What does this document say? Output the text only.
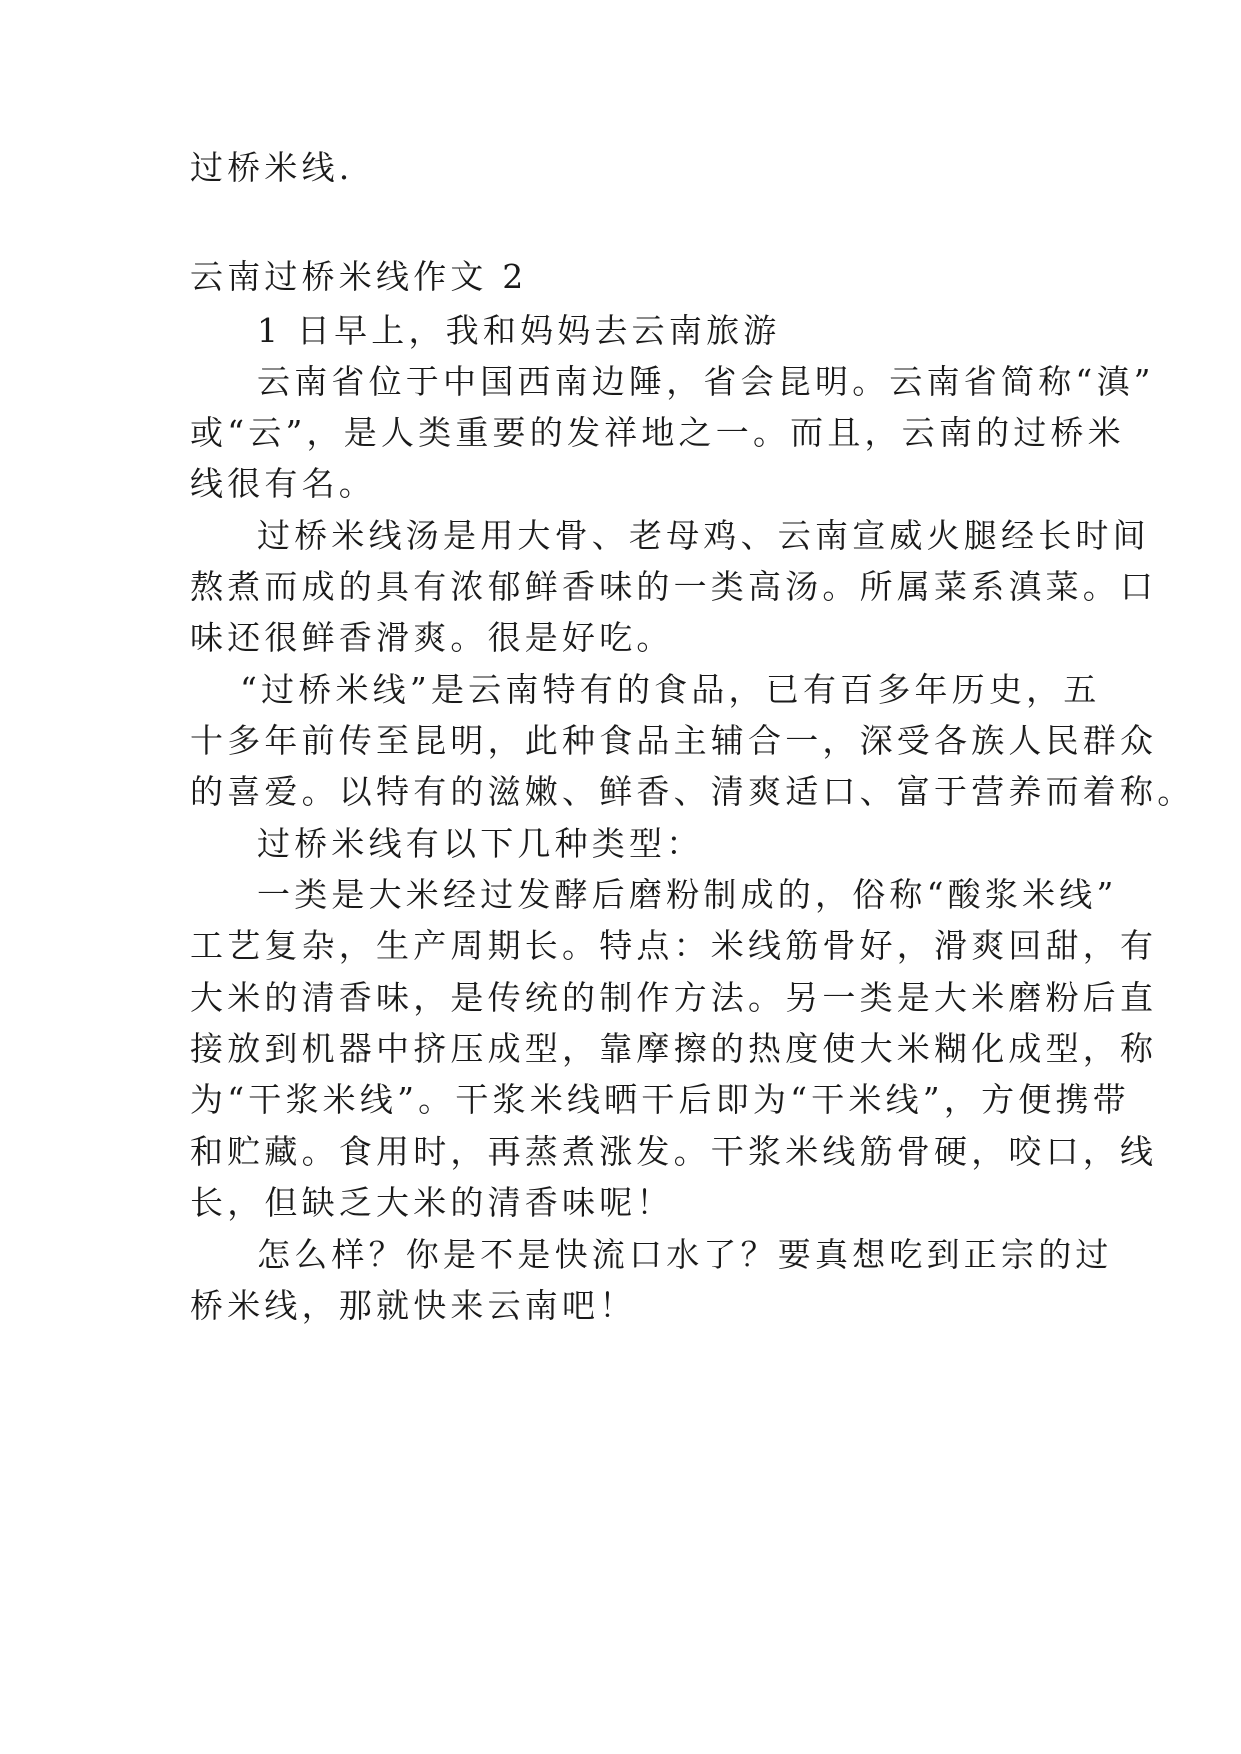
过桥米线.
云南过桥米线作文 2
1 日早上，我和妈妈去云南旅游
云南省位于中国西南边陲，省会昆明。云南省简称“滇”
或“云”，是人类重要的发祥地之一。而且，云南的过桥米
线很有名。
过桥米线汤是用大骨、老母鸡、云南宣威火腿经长时间
熬煮而成的具有浓郁鲜香味的一类高汤。所属菜系滇菜。口
味还很鲜香滑爽。很是好吃。
“过桥米线”是云南特有的食品，已有百多年历史，五
十多年前传至昆明，此种食品主辅合一，深受各族人民群众
的喜爱。以特有的滋嫩、鲜香、清爽适口、富于营养而着称。
过桥米线有以下几种类型：
一类是大米经过发酵后磨粉制成的，俗称“酸浆米线”
工艺复杂，生产周期长。特点：米线筋骨好，滑爽回甜，有
大米的清香味，是传统的制作方法。另一类是大米磨粉后直
接放到机器中挤压成型，靠摩擦的热度使大米糊化成型，称
为“干浆米线”。干浆米线晒干后即为“干米线”，方便携带
和贮藏。食用时，再蒸煮涨发。干浆米线筋骨硬，咬口，线
长，但缺乏大米的清香味呢！
怎么样？你是不是快流口水了？要真想吃到正宗的过
桥米线，那就快来云南吧！
